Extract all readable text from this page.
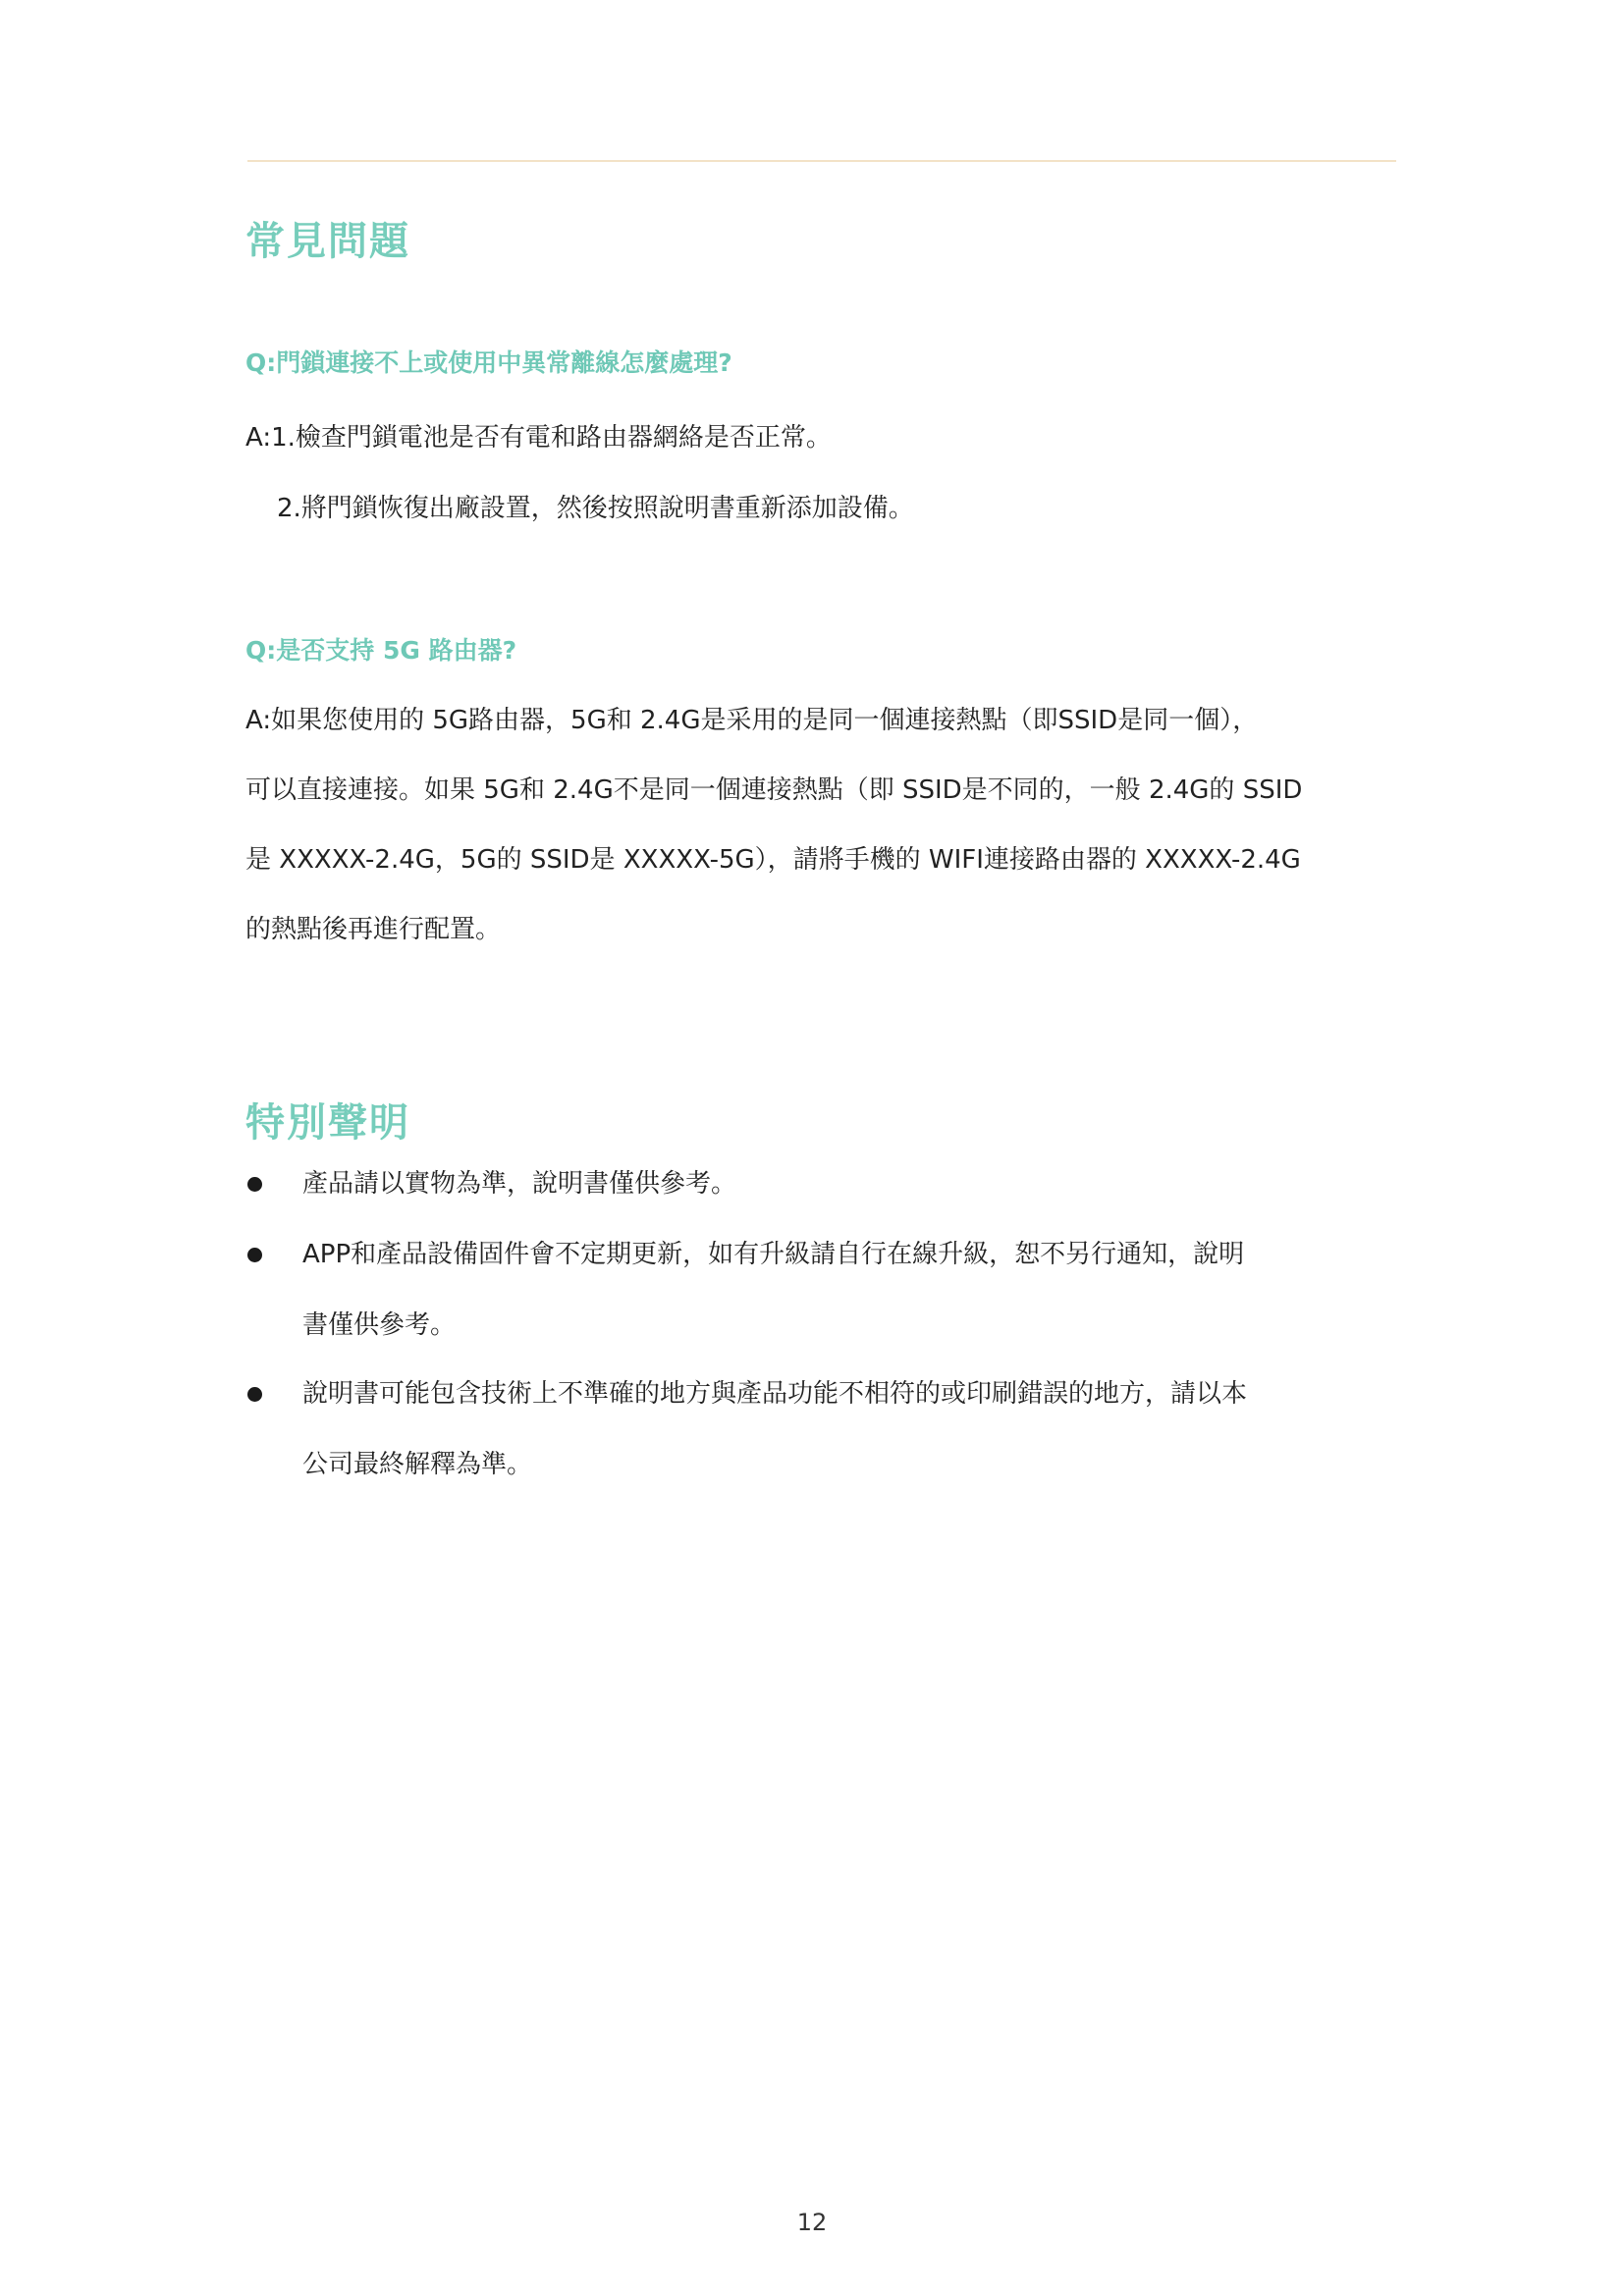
常見問題
Q:門鎖連接不上或使用中異常離線怎麼處理?
A:1.檢查門鎖電池是否有電和路由器網絡是否正常。
2.將門鎖恢復出廠設置，然後按照說明書重新添加設備。
Q:是否支持 5G 路由器?
A:如果您使用的 5G路由器，5G和 2.4G是采用的是同一個連接熱點（即SSID是同一個），
可以直接連接。如果 5G和 2.4G不是同一個連接熱點（即 SSID是不同的，一般 2.4G的 SSID
是 XXXXX-2.4G，5G的 SSID是 XXXXX-5G），請將手機的 WIFI連接路由器的 XXXXX-2.4G
的熱點後再進行配置。
特別聲明
產品請以實物為準，說明書僅供參考。
APP和產品設備固件會不定期更新，如有升級請自行在線升級，恕不另行通知，說明
書僅供參考。
說明書可能包含技術上不準確的地方與產品功能不相符的或印刷錯誤的地方，請以本
公司最終解釋為準。
12
